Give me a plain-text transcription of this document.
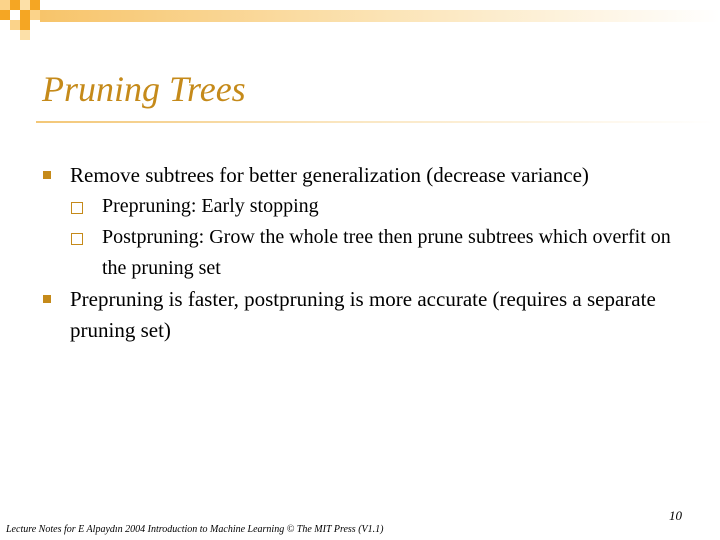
Pruning Trees
Remove subtrees for better generalization (decrease variance)
Prepruning: Early stopping
Postpruning: Grow the whole tree then prune subtrees which overfit on the pruning set
Prepruning is faster, postpruning is more accurate (requires a separate pruning set)
10
Lecture Notes for E Alpaydın 2004 Introduction to Machine Learning © The MIT Press (V1.1)
